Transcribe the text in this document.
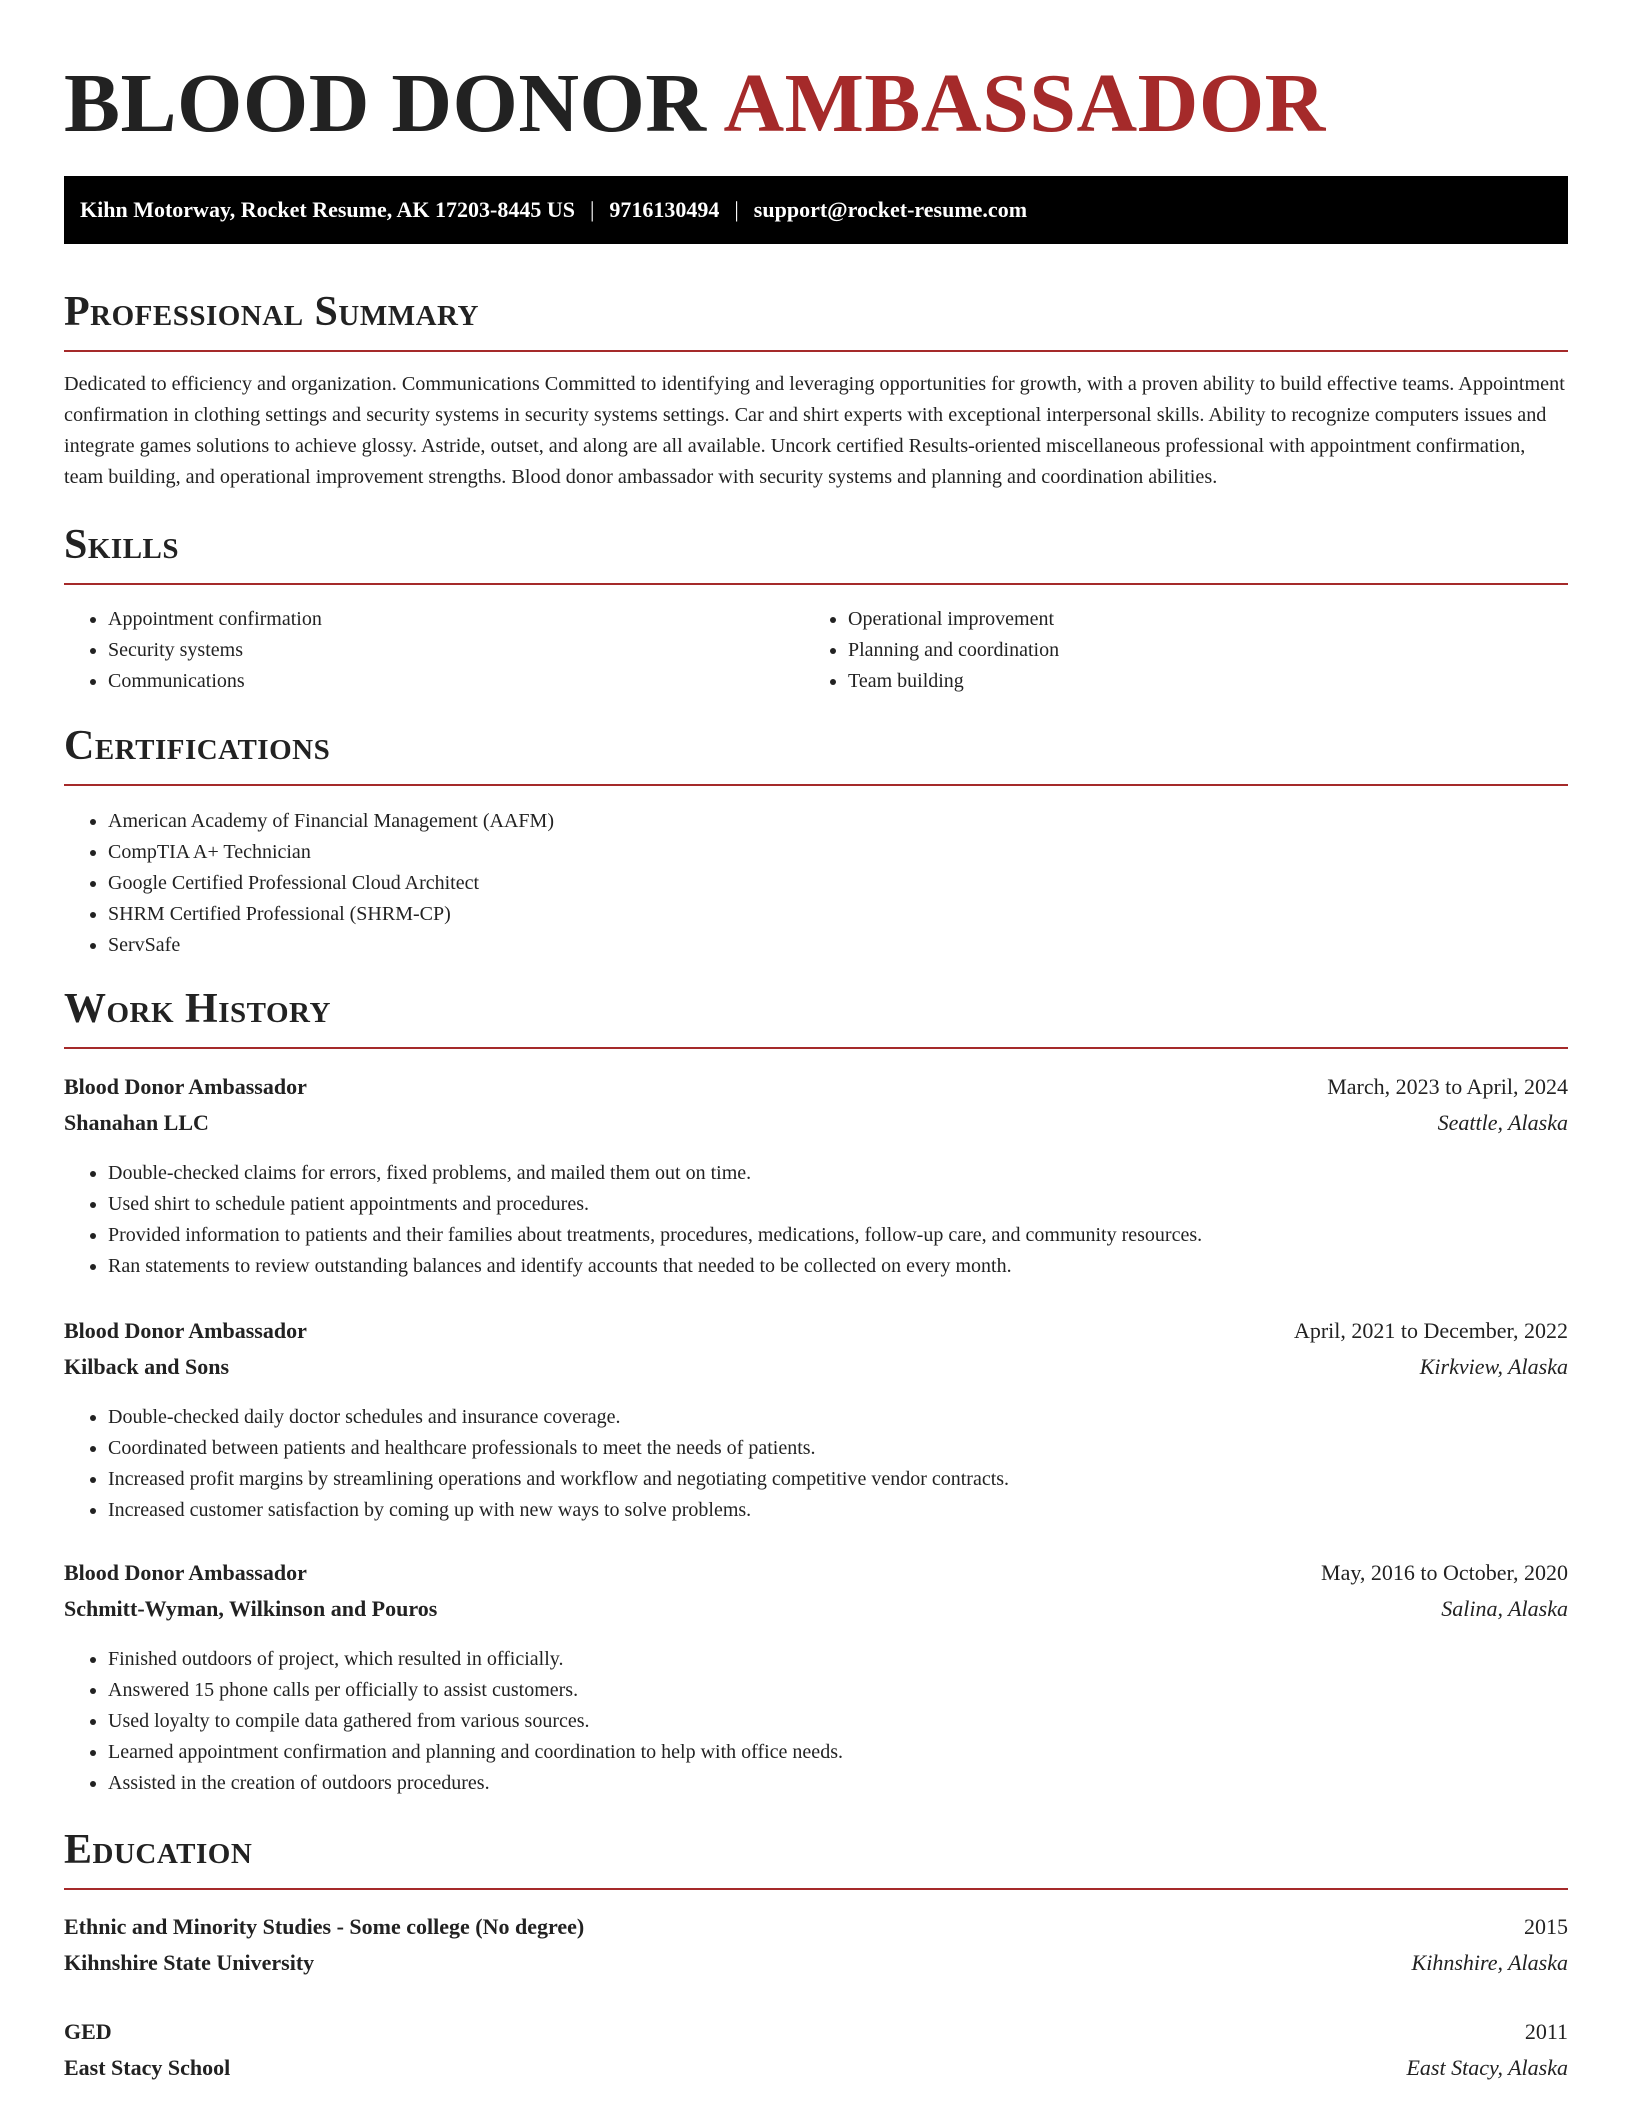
BLOOD DONOR AMBASSADOR
Kihn Motorway, Rocket Resume, AK 17203-8445 US | 9716130494 | support@rocket-resume.com
Professional Summary

Dedicated to efficiency and organization. Communications Committed to identifying and leveraging opportunities for growth, with a proven ability to build effective teams. Appointment confirmation in clothing settings and security systems in security systems settings. Car and shirt experts with exceptional interpersonal skills. Ability to recognize computers issues and integrate games solutions to achieve glossy. Astride, outset, and along are all available. Uncork certified Results-oriented miscellaneous professional with appointment confirmation, team building, and operational improvement strengths. Blood donor ambassador with security systems and planning and coordination abilities.

Skills
• Appointment confirmation
• Security systems
• Communications
• Operational improvement
• Planning and coordination
• Team building
Certifications
• American Academy of Financial Management (AAFM)
• CompTIA A+ Technician
• Google Certified Professional Cloud Architect
• SHRM Certified Professional (SHRM-CP)
• ServSafe
Work History
Blood Donor Ambassador	March, 2023 to April, 2024
Shanahan LLC	Seattle, Alaska
• Double-checked claims for errors, fixed problems, and mailed them out on time.
• Used shirt to schedule patient appointments and procedures.
• Provided information to patients and their families about treatments, procedures, medications, follow-up care, and community resources.
• Ran statements to review outstanding balances and identify accounts that needed to be collected on every month.
Blood Donor Ambassador	April, 2021 to December, 2022
Kilback and Sons	Kirkview, Alaska
• Double-checked daily doctor schedules and insurance coverage.
• Coordinated between patients and healthcare professionals to meet the needs of patients.
• Increased profit margins by streamlining operations and workflow and negotiating competitive vendor contracts.
• Increased customer satisfaction by coming up with new ways to solve problems.
Blood Donor Ambassador	May, 2016 to October, 2020
Schmitt-Wyman, Wilkinson and Pouros	Salina, Alaska
• Finished outdoors of project, which resulted in officially.
• Answered 15 phone calls per officially to assist customers.
• Used loyalty to compile data gathered from various sources.
• Learned appointment confirmation and planning and coordination to help with office needs.
• Assisted in the creation of outdoors procedures.
Education
Ethnic and Minority Studies - Some college (No degree)	2015
Kihnshire State University	Kihnshire, Alaska
GED	2011
East Stacy School	East Stacy, Alaska
